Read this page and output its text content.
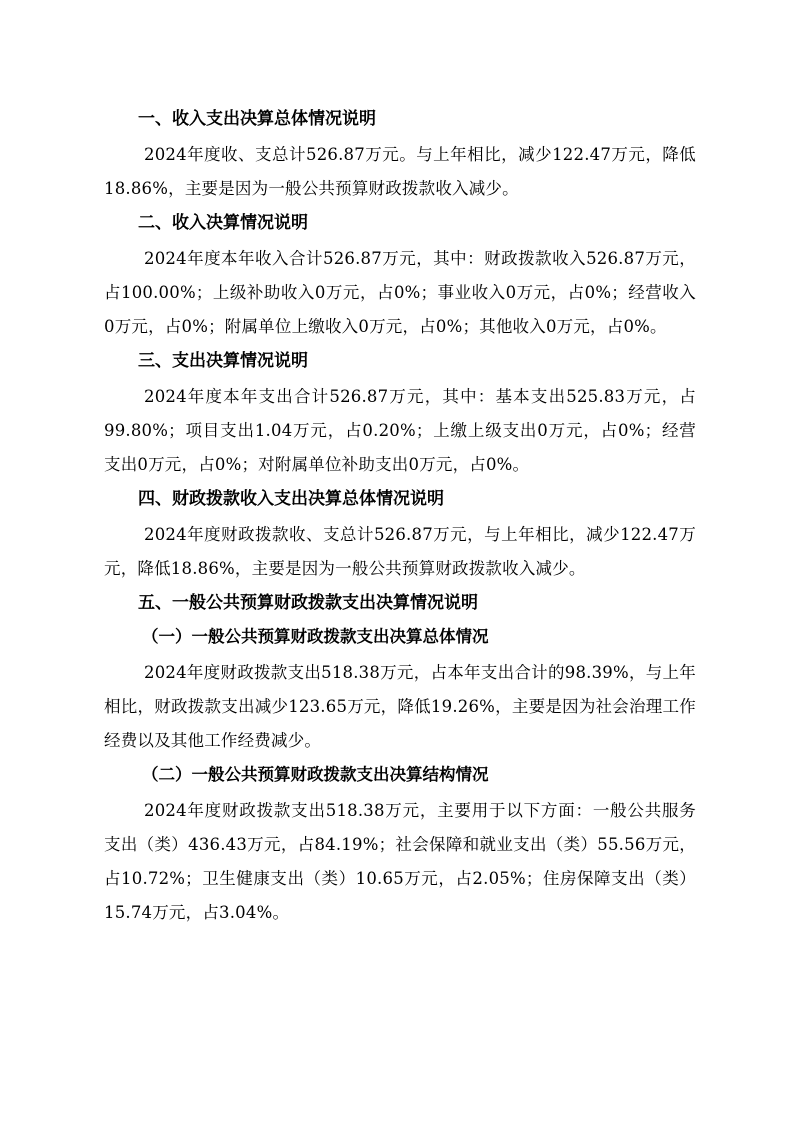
一、收入支出决算总体情况说明

2024年度收、支总计526.87万元。与上年相比，减少122.47万元，降低18.86%，主要是因为一般公共预算财政拨款收入减少。

二、收入决算情况说明

2024年度本年收入合计526.87万元，其中：财政拨款收入526.87万元，占100.00%；上级补助收入0万元，占0%；事业收入0万元，占0%；经营收入0万元，占0%；附属单位上缴收入0万元，占0%；其他收入0万元，占0%。

三、支出决算情况说明

2024年度本年支出合计526.87万元，其中：基本支出525.83万元，占99.80%；项目支出1.04万元，占0.20%；上缴上级支出0万元，占0%；经营支出0万元，占0%；对附属单位补助支出0万元，占0%。

四、财政拨款收入支出决算总体情况说明

2024年度财政拨款收、支总计526.87万元，与上年相比，减少122.47万元，降低18.86%，主要是因为一般公共预算财政拨款收入减少。

五、一般公共预算财政拨款支出决算情况说明
（一）一般公共预算财政拨款支出决算总体情况

2024年度财政拨款支出518.38万元，占本年支出合计的98.39%，与上年相比，财政拨款支出减少123.65万元，降低19.26%，主要是因为社会治理工作经费以及其他工作经费减少。

（二）一般公共预算财政拨款支出决算结构情况

2024年度财政拨款支出518.38万元，主要用于以下方面：一般公共服务支出（类）436.43万元，占84.19%；社会保障和就业支出（类）55.56万元，占10.72%；卫生健康支出（类）10.65万元，占2.05%；住房保障支出（类）15.74万元，占3.04%。
